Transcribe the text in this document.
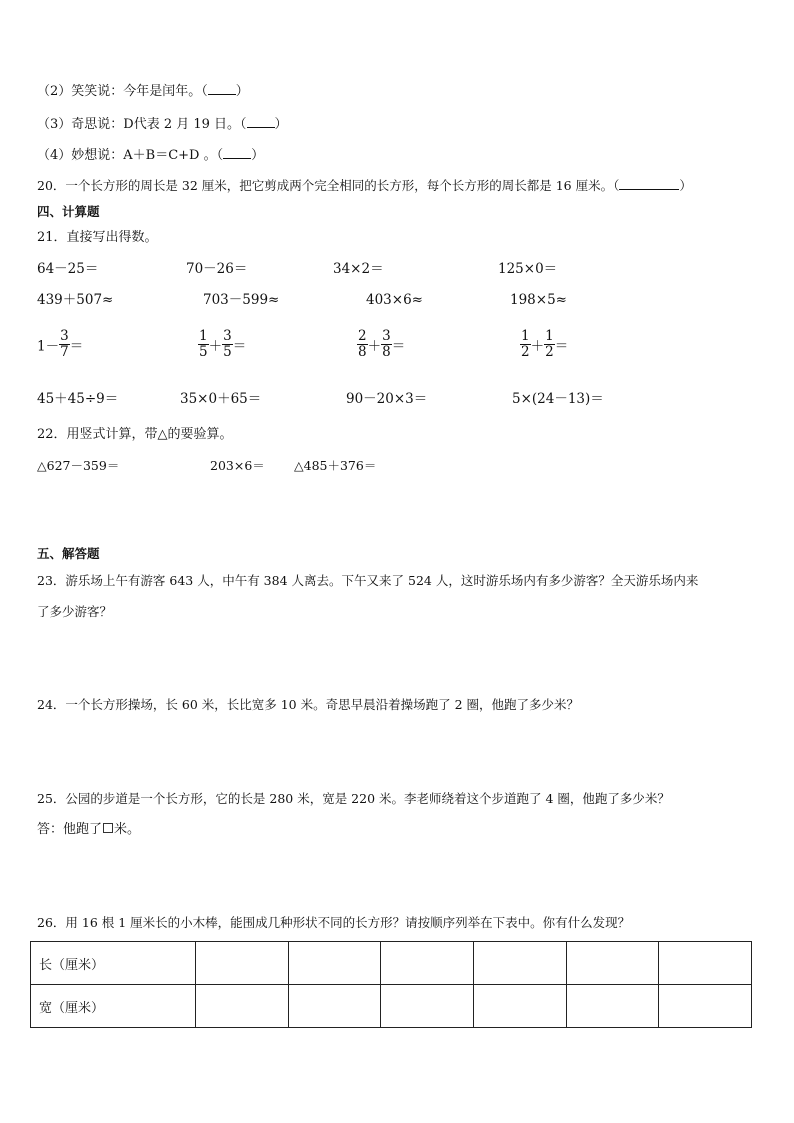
（2）笑笑说：今年是闰年。（ ）
（3）奇思说：D代表 2 月 19 日。（ ）
（4）妙想说：A＋B＝C+D 。（ ）
20．一个长方形的周长是 32 厘米，把它剪成两个完全相同的长方形，每个长方形的周长都是 16 厘米。（	）
四、计算题
21．直接写出得数。
64－25＝	70－26＝	34×2＝	125×0＝
439＋507≈	703－599≈	403×6≈	198×5≈
$1- \frac{3}{7}$ ＝	$\frac{1}{5} + \frac{3}{5}$ ＝	$\frac{2}{8} + \frac{3}{8}$ ＝	$\frac{1}{2} + \frac{1}{2}$ ＝
45＋45÷9＝	35×0＋65＝	90－20×3＝	5×(24－13)＝
22．用竖式计算，带△的要验算。
△627－359＝	203×6＝ △485＋376＝
五、解答题
23．游乐场上午有游客 643 人，中午有 384 人离去。下午又来了 524 人，这时游乐场内有多少游客？全天游乐场内来
了多少游客？
24．一个长方形操场，长 60 米，长比宽多 10 米。奇思早晨沿着操场跑了 2 圈，他跑了多少米？
25．公园的步道是一个长方形，它的长是 280 米，宽是 220 米。李老师绕着这个步道跑了 4 圈，他跑了多少米？
答：他跑了 米。
26．用 16 根 1 厘米长的小木棒，能围成几种形状不同的长方形？请按顺序列举在下表中。你有什么发现？
长（厘米）						
宽（厘米）						
